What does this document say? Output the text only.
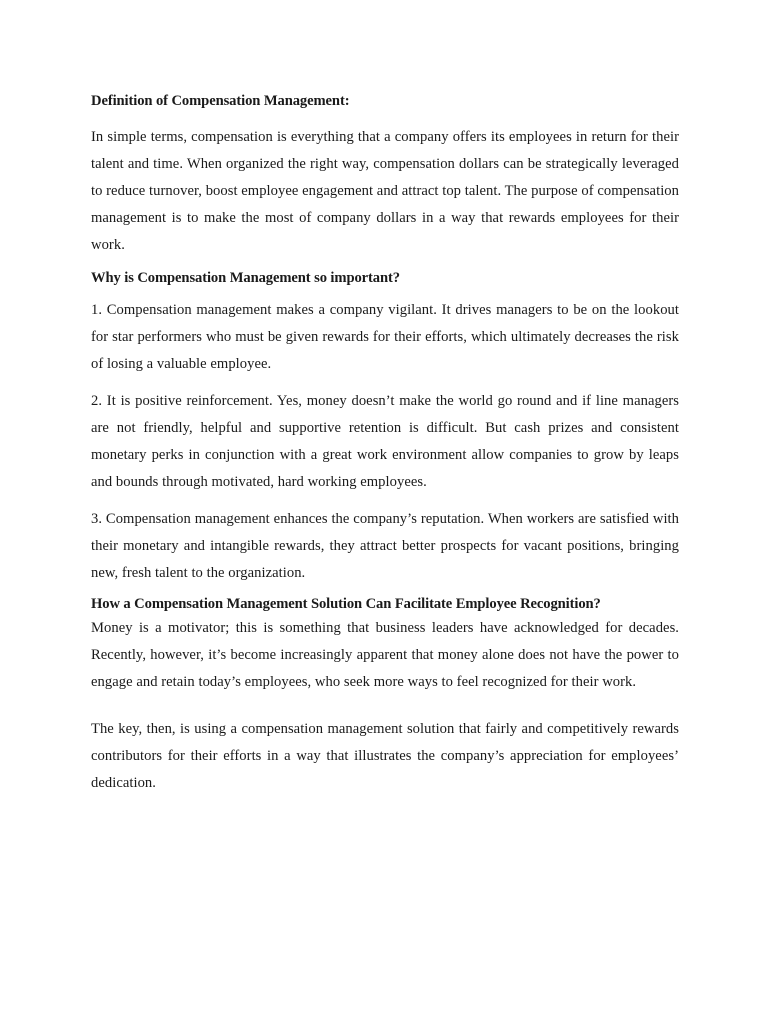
Definition of Compensation Management:

In simple terms, compensation is everything that a company offers its employees in return for their talent and time. When organized the right way, compensation dollars can be strategically leveraged to reduce turnover, boost employee engagement and attract top talent. The purpose of compensation management is to make the most of company dollars in a way that rewards employees for their work.

Why is Compensation Management so important?

1. Compensation management makes a company vigilant. It drives managers to be on the lookout for star performers who must be given rewards for their efforts, which ultimately decreases the risk of losing a valuable employee.

2. It is positive reinforcement. Yes, money doesn’t make the world go round and if line managers are not friendly, helpful and supportive retention is difficult. But cash prizes and consistent monetary perks in conjunction with a great work environment allow companies to grow by leaps and bounds through motivated, hard working employees.

3. Compensation management enhances the company’s reputation. When workers are satisfied with their monetary and intangible rewards, they attract better prospects for vacant positions, bringing new, fresh talent to the organization.

How a Compensation Management Solution Can Facilitate Employee Recognition?

Money is a motivator; this is something that business leaders have acknowledged for decades. Recently, however, it’s become increasingly apparent that money alone does not have the power to engage and retain today’s employees, who seek more ways to feel recognized for their work.

The key, then, is using a compensation management solution that fairly and competitively rewards contributors for their efforts in a way that illustrates the company’s appreciation for employees’ dedication.
